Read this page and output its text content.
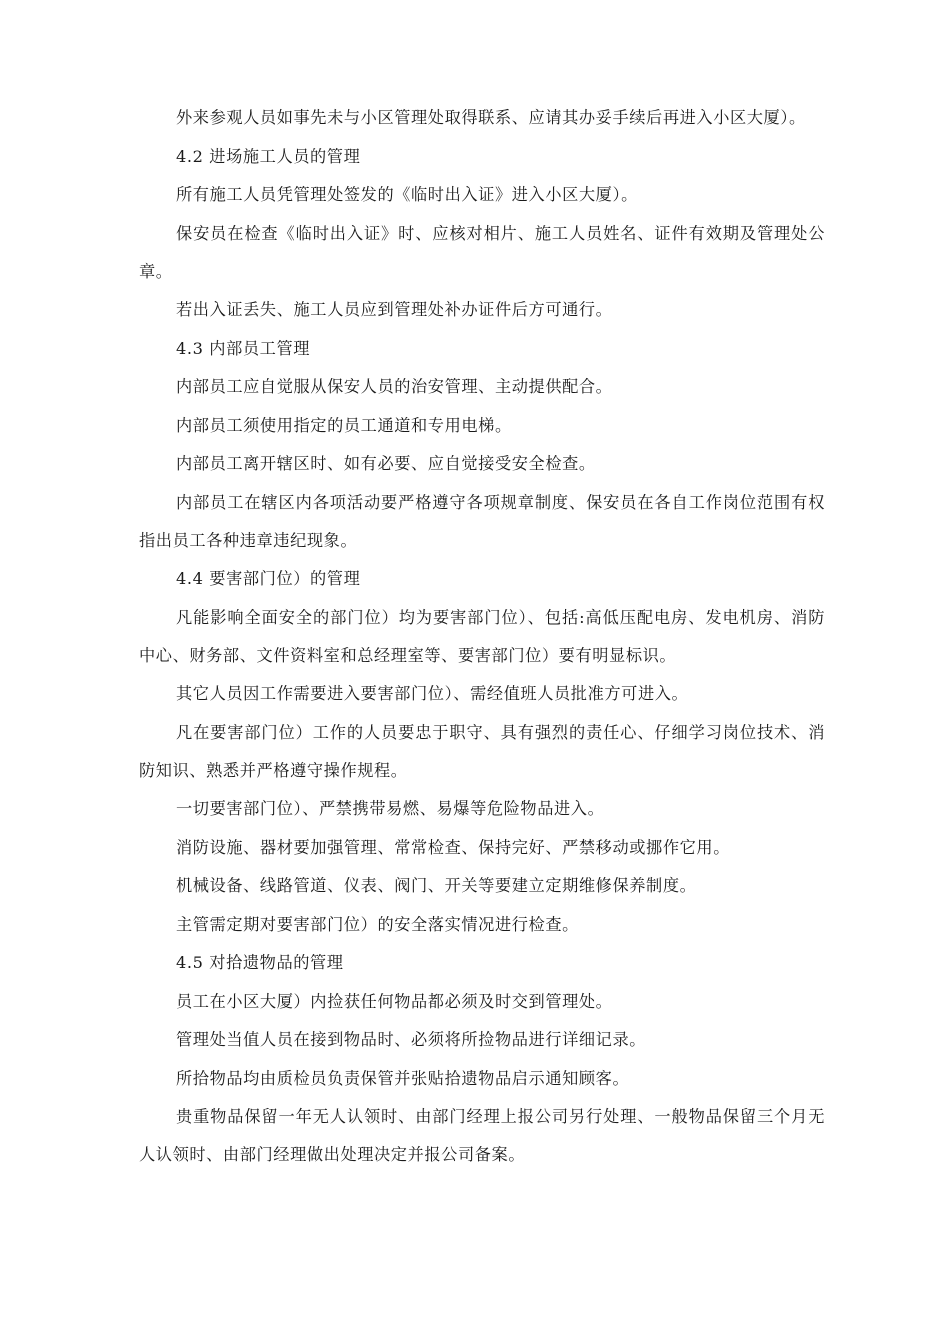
外来参观人员如事先未与小区管理处取得联系、应请其办妥手续后再进入小区大厦）。

4.2 进场施工人员的管理

所有施工人员凭管理处签发的《临时出入证》进入小区大厦）。

保安员在检查《临时出入证》时、应核对相片、施工人员姓名、证件有效期及管理处公章。

若出入证丢失、施工人员应到管理处补办证件后方可通行。

4.3 内部员工管理

内部员工应自觉服从保安人员的治安管理、主动提供配合。

内部员工须使用指定的员工通道和专用电梯。

内部员工离开辖区时、如有必要、应自觉接受安全检查。

内部员工在辖区内各项活动要严格遵守各项规章制度、保安员在各自工作岗位范围有权指出员工各种违章违纪现象。

4.4 要害部门位）的管理

凡能影响全面安全的部门位）均为要害部门位）、包括:高低压配电房、发电机房、消防中心、财务部、文件资料室和总经理室等、要害部门位）要有明显标识。

其它人员因工作需要进入要害部门位）、需经值班人员批准方可进入。

凡在要害部门位）工作的人员要忠于职守、具有强烈的责任心、仔细学习岗位技术、消防知识、熟悉并严格遵守操作规程。

一切要害部门位）、严禁携带易燃、易爆等危险物品进入。

消防设施、器材要加强管理、常常检查、保持完好、严禁移动或挪作它用。

机械设备、线路管道、仪表、阀门、开关等要建立定期维修保养制度。

主管需定期对要害部门位）的安全落实情况进行检查。

4.5 对拾遗物品的管理

员工在小区大厦）内捡获任何物品都必须及时交到管理处。

管理处当值人员在接到物品时、必须将所捡物品进行详细记录。

所拾物品均由质检员负责保管并张贴拾遗物品启示通知顾客。

贵重物品保留一年无人认领时、由部门经理上报公司另行处理、一般物品保留三个月无人认领时、由部门经理做出处理决定并报公司备案。
